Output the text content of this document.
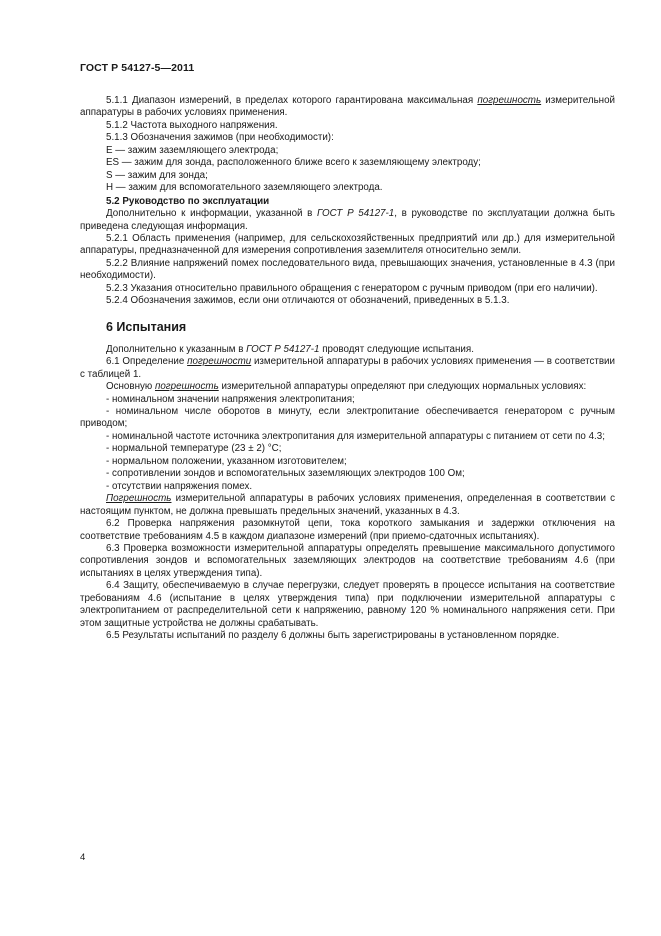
ГОСТ Р 54127-5—2011

5.1.1 Диапазон измерений, в пределах которого гарантирована максимальная погрешность измерительной аппаратуры в рабочих условиях применения.

5.1.2 Частота выходного напряжения.

5.1.3 Обозначения зажимов (при необходимости):

Е — зажим заземляющего электрода;

ES — зажим для зонда, расположенного ближе всего к заземляющему электроду;

S — зажим для зонда;

Н — зажим для вспомогательного заземляющего электрода.

5.2 Руководство по эксплуатации

Дополнительно к информации, указанной в ГОСТ Р 54127-1, в руководстве по эксплуатации должна быть приведена следующая информация.

5.2.1 Область применения (например, для сельскохозяйственных предприятий или др.) для измерительной аппаратуры, предназначенной для измерения сопротивления заземлителя относительно земли.

5.2.2 Влияние напряжений помех последовательного вида, превышающих значения, установленные в 4.3 (при необходимости).

5.2.3 Указания относительно правильного обращения с генератором с ручным приводом (при его наличии).

5.2.4 Обозначения зажимов, если они отличаются от обозначений, приведенных в 5.1.3.

6 Испытания

Дополнительно к указанным в ГОСТ Р 54127-1 проводят следующие испытания.

6.1 Определение погрешности измерительной аппаратуры в рабочих условиях применения — в соответствии с таблицей 1.

Основную погрешность измерительной аппаратуры определяют при следующих нормальных условиях:

- номинальном значении напряжения электропитания;

- номинальном числе оборотов в минуту, если электропитание обеспечивается генератором с ручным приводом;

- номинальной частоте источника электропитания для измерительной аппаратуры с питанием от сети по 4.3;

- нормальной температуре (23 ± 2) °С;

- нормальном положении, указанном изготовителем;

- сопротивлении зондов и вспомогательных заземляющих электродов 100 Ом;

- отсутствии напряжения помех.

Погрешность измерительной аппаратуры в рабочих условиях применения, определенная в соответствии с настоящим пунктом, не должна превышать предельных значений, указанных в 4.3.

6.2 Проверка напряжения разомкнутой цепи, тока короткого замыкания и задержки отключения на соответствие требованиям 4.5 в каждом диапазоне измерений (при приемо-сдаточных испытаниях).

6.3 Проверка возможности измерительной аппаратуры определять превышение максимального допустимого сопротивления зондов и вспомогательных заземляющих электродов на соответствие требованиям 4.6 (при испытаниях в целях утверждения типа).

6.4 Защиту, обеспечиваемую в случае перегрузки, следует проверять в процессе испытания на соответствие требованиям 4.6 (испытание в целях утверждения типа) при подключении измерительной аппаратуры с электропитанием от распределительной сети к напряжению, равному 120 % номинального напряжения сети. При этом защитные устройства не должны срабатывать.

6.5 Результаты испытаний по разделу 6 должны быть зарегистрированы в установленном порядке.

4
